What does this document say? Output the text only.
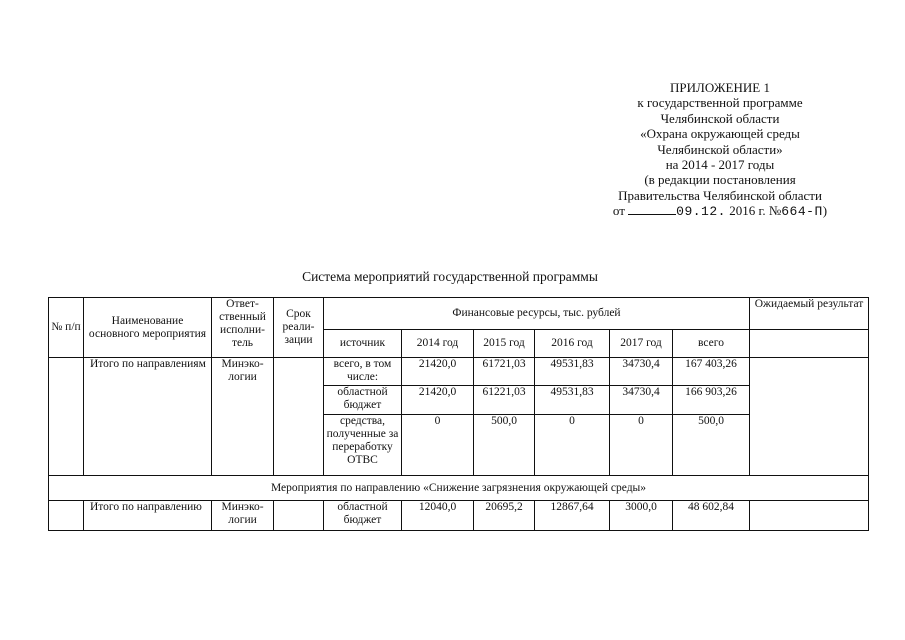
ПРИЛОЖЕНИЕ 1
к государственной программе
Челябинской области
«Охрана окружающей среды
Челябинской области»
на 2014 - 2017 годы
(в редакции постановления
Правительства Челябинской области
от	09.12. 2016 г. №664-П)
Система мероприятий государственной программы
№ п/п	Наименование основного мероприятия	Ответ-ственный исполни-тель	Срок реали-зации	Финансовые ресурсы, тыс. рублей						Ожидаемый результат
				источник	2014 год	2015 год	2016 год	2017 год	всего	
	Итого по направлениям	Минэко-логии		всего, в том числе:	21420,0	61721,03	49531,83	34730,4	167 403,26	
				областной бюджет	21420,0	61221,03	49531,83	34730,4	166 903,26	
				средства, полученные за переработку ОТВС	0	500,0	0	0	500,0	
Мероприятия по направлению «Снижение загрязнения окружающей среды»										
	Итого по направлению	Минэко-логии		областной бюджет	12040,0	20695,2	12867,64	3000,0	48 602,84	
